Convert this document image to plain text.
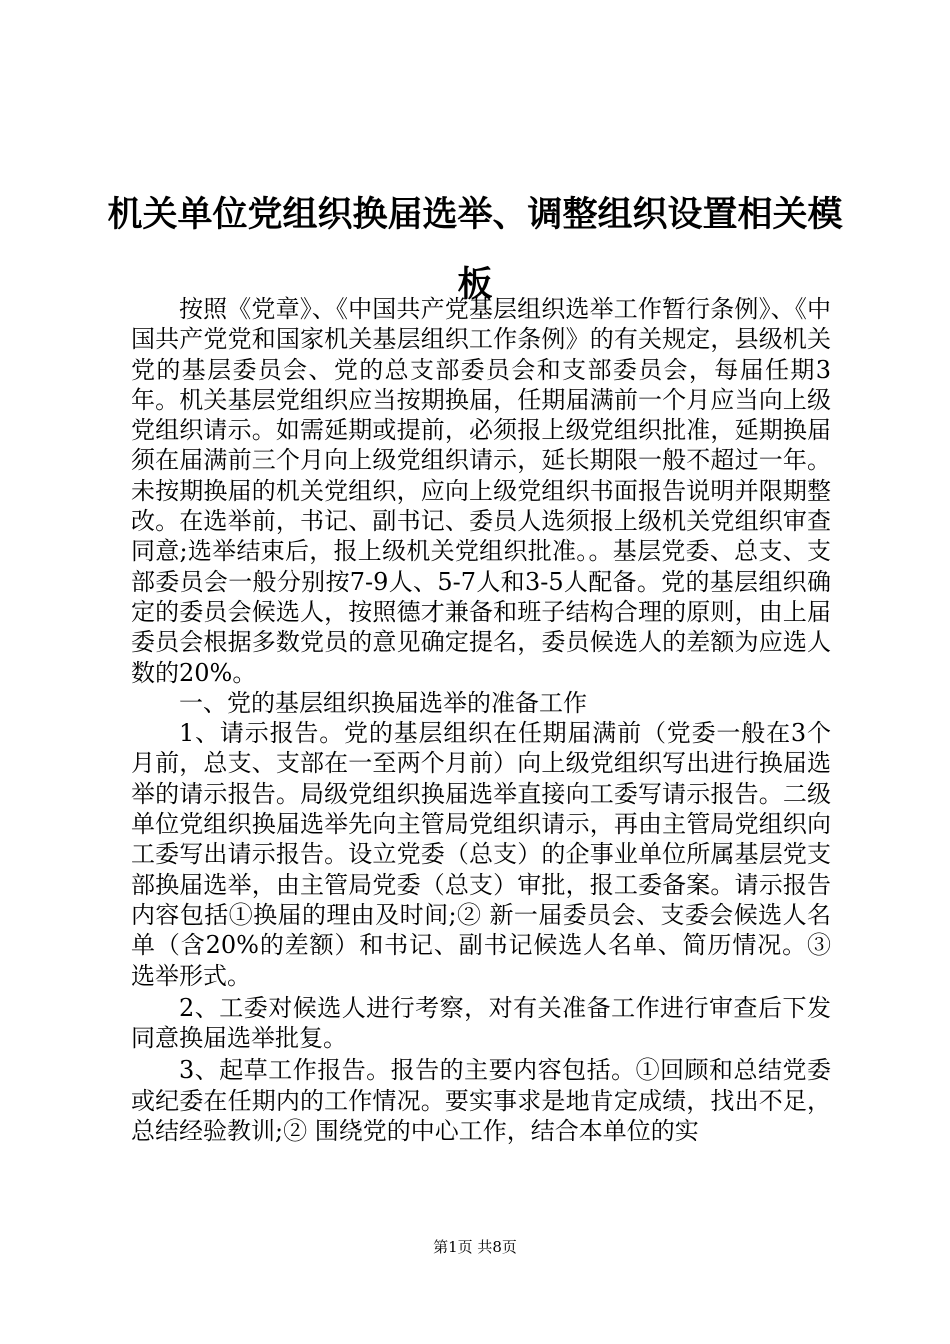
机关单位党组织换届选举、调整组织设置相关模板

按照《党章》、《中国共产党基层组织选举工作暂行条例》、《中国共产党党和国家机关基层组织工作条例》的有关规定，县级机关党的基层委员会、党的总支部委员会和支部委员会，每届任期3年。机关基层党组织应当按期换届，任期届满前一个月应当向上级党组织请示。如需延期或提前，必须报上级党组织批准，延期换届须在届满前三个月向上级党组织请示，延长期限一般不超过一年。未按期换届的机关党组织，应向上级党组织书面报告说明并限期整改。在选举前，书记、副书记、委员人选须报上级机关党组织审查同意;选举结束后，报上级机关党组织批准。。基层党委、总支、支部委员会一般分别按7-9人、5-7人和3-5人配备。党的基层组织确定的委员会候选人，按照德才兼备和班子结构合理的原则，由上届委员会根据多数党员的意见确定提名，委员候选人的差额为应选人数的20%。

一、党的基层组织换届选举的准备工作

1、请示报告。党的基层组织在任期届满前（党委一般在3个月前，总支、支部在一至两个月前）向上级党组织写出进行换届选举的请示报告。局级党组织换届选举直接向工委写请示报告。二级单位党组织换届选举先向主管局党组织请示，再由主管局党组织向工委写出请示报告。设立党委（总支）的企事业单位所属基层党支部换届选举，由主管局党委（总支）审批，报工委备案。请示报告内容包括①换届的理由及时间;② 新一届委员会、支委会候选人名单（含20%的差额）和书记、副书记候选人名单、简历情况。③选举形式。

2、工委对候选人进行考察，对有关准备工作进行审查后下发同意换届选举批复。

3、起草工作报告。报告的主要内容包括。①回顾和总结党委或纪委在任期内的工作情况。要实事求是地肯定成绩，找出不足，总结经验教训;② 围绕党的中心工作，结合本单位的实

第1页 共8页
